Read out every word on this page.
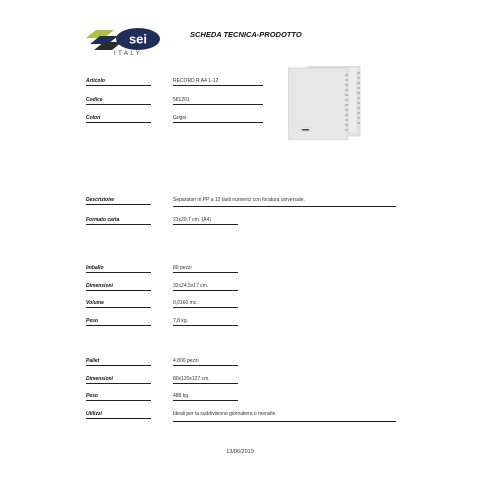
sei
ITALY
SCHEDA TECNICA-PRODOTTO
Articolo	RECORD R A4 1-12
Codice	581201
Colori	Grigio
Descrizione	Separatori in PP a 12 tasti numerici con foratura universale.
Formato carta	21x29,7 cm. (A4)
Imballo	80 pezzi
Dimensioni	32x24,5x17 cm.
Volume	0,0160 mc.
Peso	7,8 kg.
Pallet	4.800 pezzi
Dimensioni	80x120x127 cm.
Peso	488 kg.
Utilizzi	Ideali per la suddivisione giornaliera o mensile.
13/06/2019
